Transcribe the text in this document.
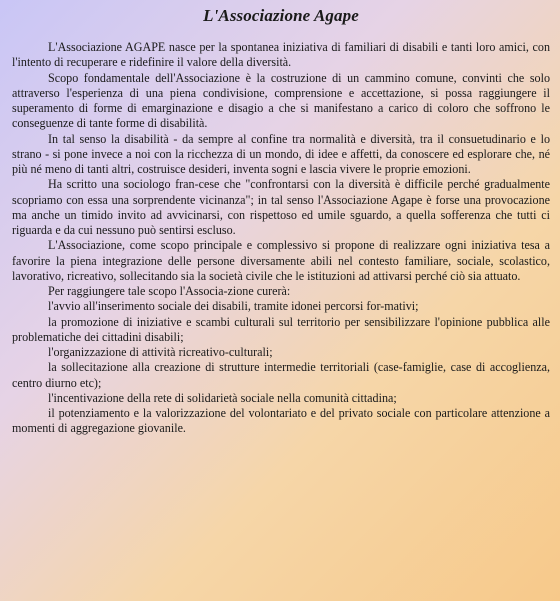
L'Associazione Agape

L'Associazione AGAPE nasce per la spontanea iniziativa di familiari di disabili e tanti loro amici, con l'intento di recuperare e ridefinire il valore della diversità.

Scopo fondamentale dell'Associazione è la costruzione di un cammino comune, convinti che solo attraverso l'esperienza di una piena condivisione, comprensione e accettazione, si possa raggiungere il superamento di forme di emarginazione e disagio a che si manifestano a carico di coloro che soffrono le conseguenze di tante forme di disabilità.

In tal senso la disabilità - da sempre al confine tra normalità e diversità, tra il consuetudinario e lo strano - si pone invece a noi con la ricchezza di un mondo, di idee e affetti, da conoscere ed esplorare che, né più né meno di tanti altri, costruisce desideri, inventa sogni e lascia vivere le proprie emozioni.

Ha scritto una sociologo fran-cese che "confrontarsi con la diversità è difficile perché gradualmente scopriamo con essa una sorprendente vicinanza"; in tal senso l'Associazione Agape è forse una provocazione ma anche un timido invito ad avvicinarsi, con rispettoso ed umile sguardo, a quella sofferenza che tutti ci riguarda e da cui nessuno può sentirsi escluso.

L'Associazione, come scopo principale e complessivo si propone di realizzare ogni iniziativa tesa a favorire la piena integrazione delle persone diversamente abili nel contesto familiare, sociale, scolastico, lavorativo, ricreativo, sollecitando sia la società civile che le istituzioni ad attivarsi perché ciò sia attuato.

Per raggiungere tale scopo l'Associa-zione curerà:

l'avvio all'inserimento sociale dei disabili, tramite idonei percorsi for-mativi;

la promozione di iniziative e scambi culturali sul territorio per sensibilizzare l'opinione pubblica alle problematiche dei cittadini disabili;

l'organizzazione di attività ricreativo-culturali;

la sollecitazione alla creazione di strutture intermedie territoriali (case-famiglie, case di accoglienza, centro diurno etc);

l'incentivazione della rete di solidarietà sociale nella comunità cittadina;

il potenziamento e la valorizzazione del volontariato e del privato sociale con particolare attenzione a momenti di aggregazione giovanile.
